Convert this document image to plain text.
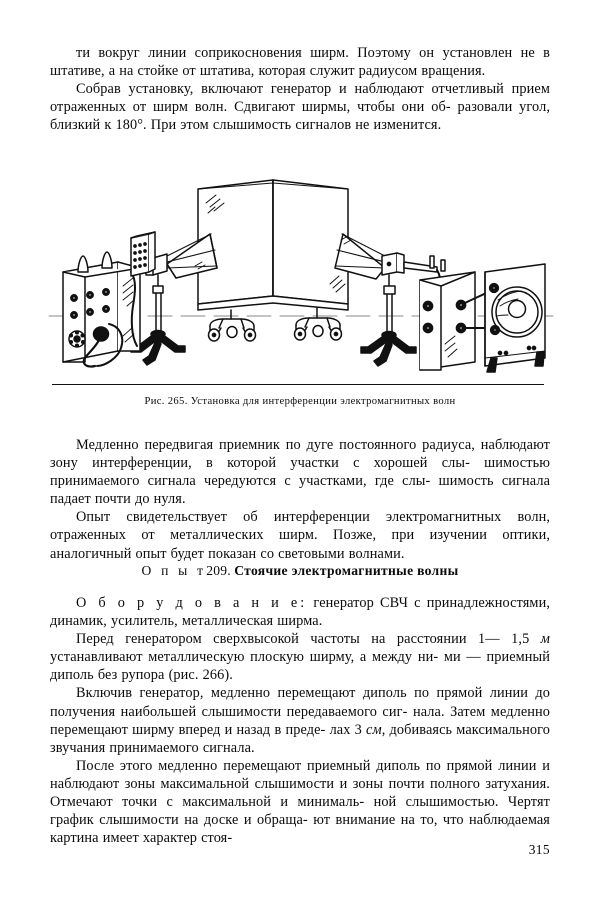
ти вокруг линии соприкосновения ширм. Поэтому он установлен не в штативе, а на стойке от штатива, которая служит радиусом вращения.

Собрав установку, включают генератор и наблюдают отчетливый прием отраженных от ширм волн. Сдвигают ширмы, чтобы они об- разовали угол, близкий к 180°. При этом слышимость сигналов не изменится.

Рис. 265. Установка для интерференции электромагнитных волн

Медленно передвигая приемник по дуге постоянного радиуса, наблюдают зону интерференции, в которой участки с хорошей слы- шимостью принимаемого сигнала чередуются с участками, где слы- шимость сигнала падает почти до нуля.

Опыт свидетельствует об интерференции электромагнитных волн, отраженных от металлических ширм. Позже, при изучении оптики, аналогичный опыт будет показан со световыми волнами.

О п ы т209. Стоячие электромагнитные волны

О б о р у д о в а н и е: генератор СВЧ с принадлежностями, динамик, усилитель, металлическая ширма.

Перед генератором сверхвысокой частоты на расстоянии 1— 1,5 м устанавливают металлическую плоскую ширму, а между ни- ми — приемный диполь без рупора (рис. 266).

Включив генератор, медленно перемещают диполь по прямой линии до получения наибольшей слышимости передаваемого сиг- нала. Затем медленно перемещают ширму вперед и назад в преде- лах 3 см, добиваясь максимального звучания принимаемого сигнала.

После этого медленно перемещают приемный диполь по прямой линии и наблюдают зоны максимальной слышимости и зоны почти полного затухания. Отмечают точки с максимальной и минималь- ной слышимостью. Чертят график слышимости на доске и обраща- ют внимание на то, что наблюдаемая картина имеет характер стоя-

315
